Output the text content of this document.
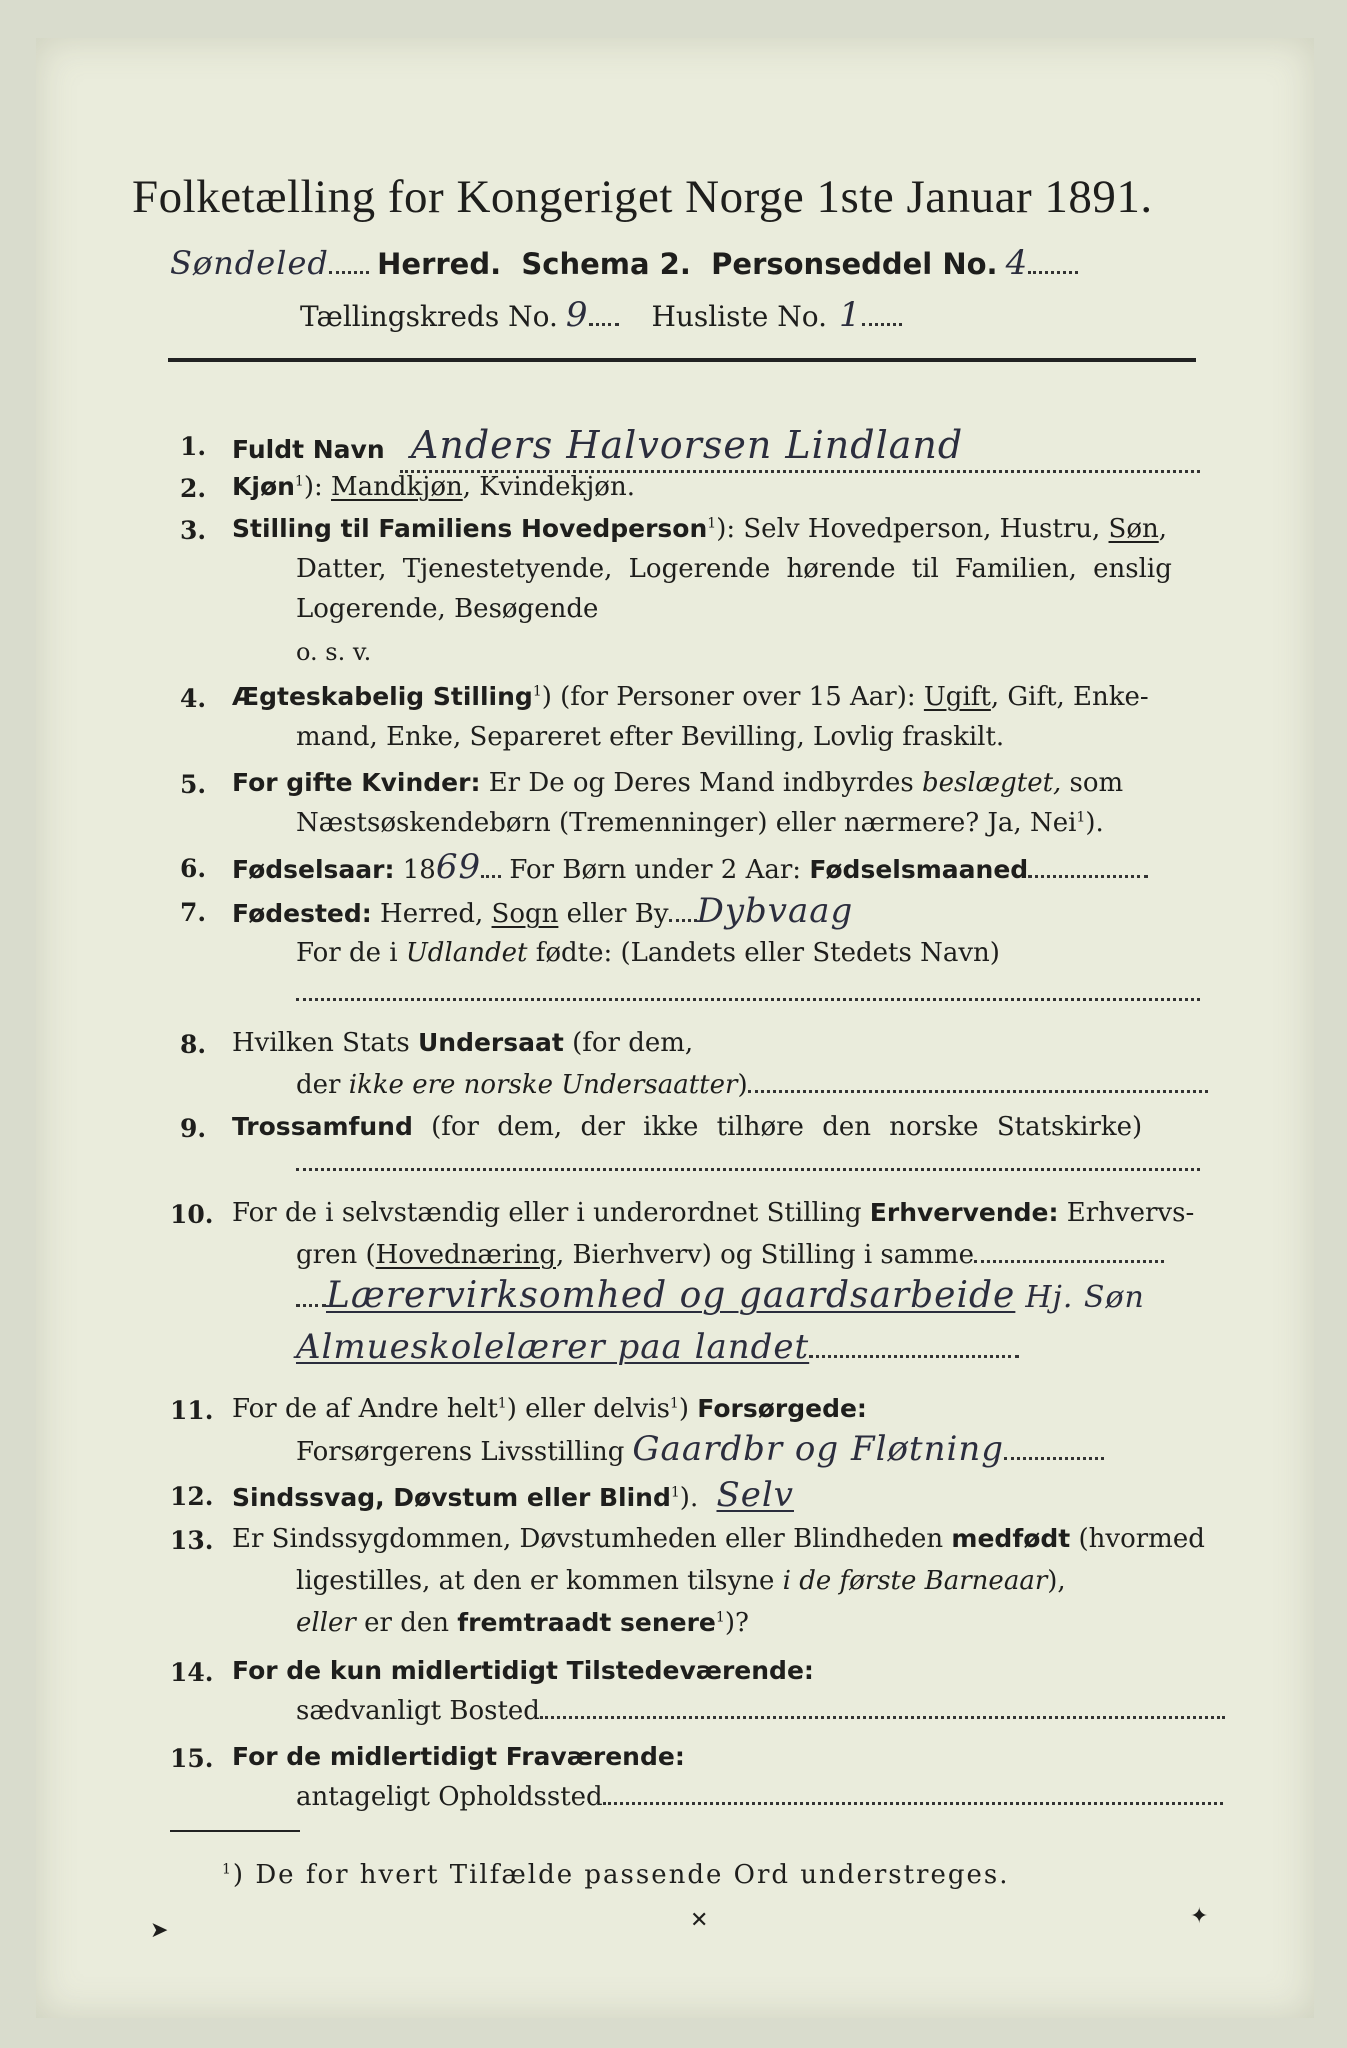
Folketælling for Kongeriget Norge 1ste Januar 1891.
Søndeled Herred. Schema 2. Personseddel No. 4
Tællingskreds No. 9 Husliste No. 1
1. Fuldt Navn Anders Halvorsen Lindland
2. Kjøn$^1$): Mandkjøn, Kvindekjøn.
3. Stilling til Familiens Hovedperson$^1$): Selv Hovedperson, Hustru, Søn,
Datter, Tjenestetyende, Logerende hørende til Familien, enslig
Logerende, Besøgende
o. s. v.
4. Ægteskabelig Stilling$^1$) (for Personer over 15 Aar): Ugift, Gift, Enke-
mand, Enke, Separeret efter Bevilling, Lovlig fraskilt.
5. For gifte Kvinder: Er De og Deres Mand indbyrdes beslægtet, som
Næstsøskendebørn (Tremenninger) eller nærmere? Ja, Nei$^1$).
6. Fødselsaar: 1869 For Børn under 2 Aar: Fødselsmaaned
7. Fødested: Herred, Sogn eller By Dybvaag
For de i Udlandet fødte: (Landets eller Stedets Navn)
8. Hvilken Stats Undersaat (for dem,
der ikke ere norske Undersaatter)
9. Trossamfund (for dem, der ikke tilhøre den norske Statskirke)
10. For de i selvstændig eller i underordnet Stilling Erhvervende: Erhvervs-
gren (Hovednæring, Bierhverv) og Stilling i samme
Lærervirksomhed og gaardsarbeide Hj. Søn
Almueskolelærer paa landet
11. For de af Andre helt$^1$) eller delvis$^1$) Forsørgede:
Forsørgerens Livsstilling Gaardbr og Fløtning
12. Sindssvag, Døvstum eller Blind$^1$). Selv
13. Er Sindssygdommen, Døvstumheden eller Blindheden medfødt (hvormed
ligestilles, at den er kommen tilsyne i de første Barneaar),
eller er den fremtraadt senere$^1$)?
14. For de kun midlertidigt Tilstedeværende:
sædvanligt Bosted
15. For de midlertidigt Fraværende:
antageligt Opholdssted
$^1$) De for hvert Tilfælde passende Ord understreges.
➤	✕	✦
